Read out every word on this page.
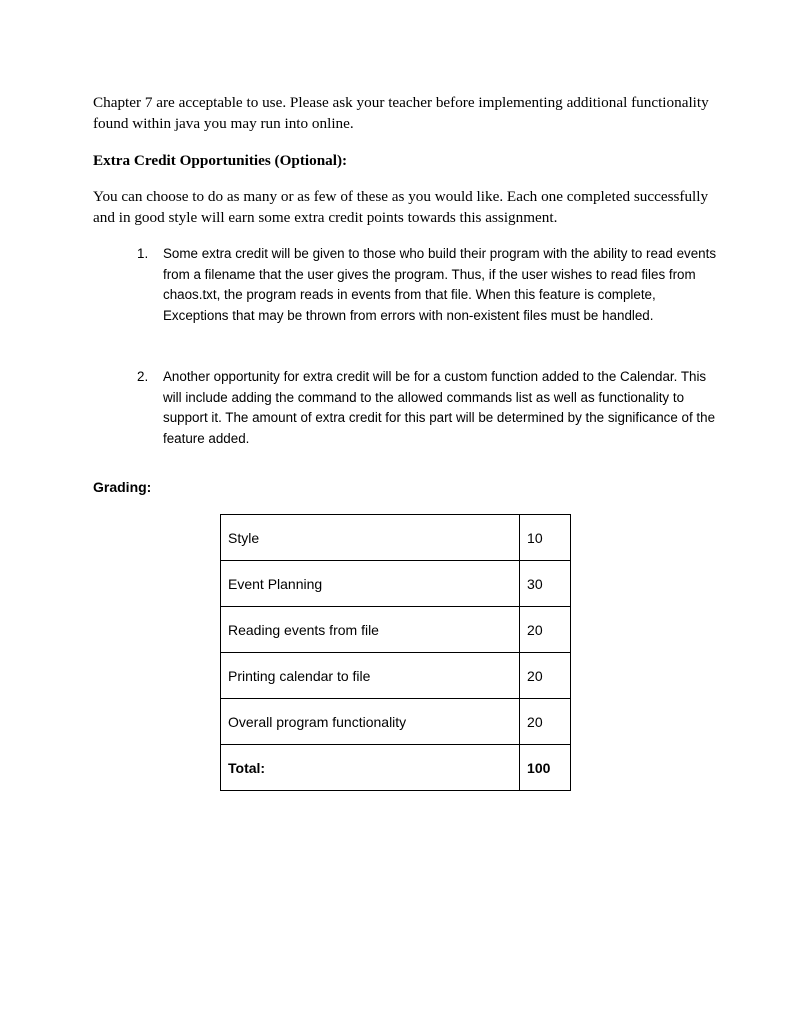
Chapter 7 are acceptable to use. Please ask your teacher before implementing additional functionality found within java you may run into online.

Extra Credit Opportunities (Optional):

You can choose to do as many or as few of these as you would like. Each one completed successfully and in good style will earn some extra credit points towards this assignment.

1.	Some extra credit will be given to those who build their program with the ability to read events from a filename that the user gives the program. Thus, if the user wishes to read files from chaos.txt, the program reads in events from that file. When this feature is complete, Exceptions that may be thrown from errors with non-existent files must be handled.
2.	Another opportunity for extra credit will be for a custom function added to the Calendar. This will include adding the command to the allowed commands list as well as functionality to support it. The amount of extra credit for this part will be determined by the significance of the feature added.

Grading:

Style	10
Event Planning	30
Reading events from file	20
Printing calendar to file	20
Overall program functionality	20
Total:	100
